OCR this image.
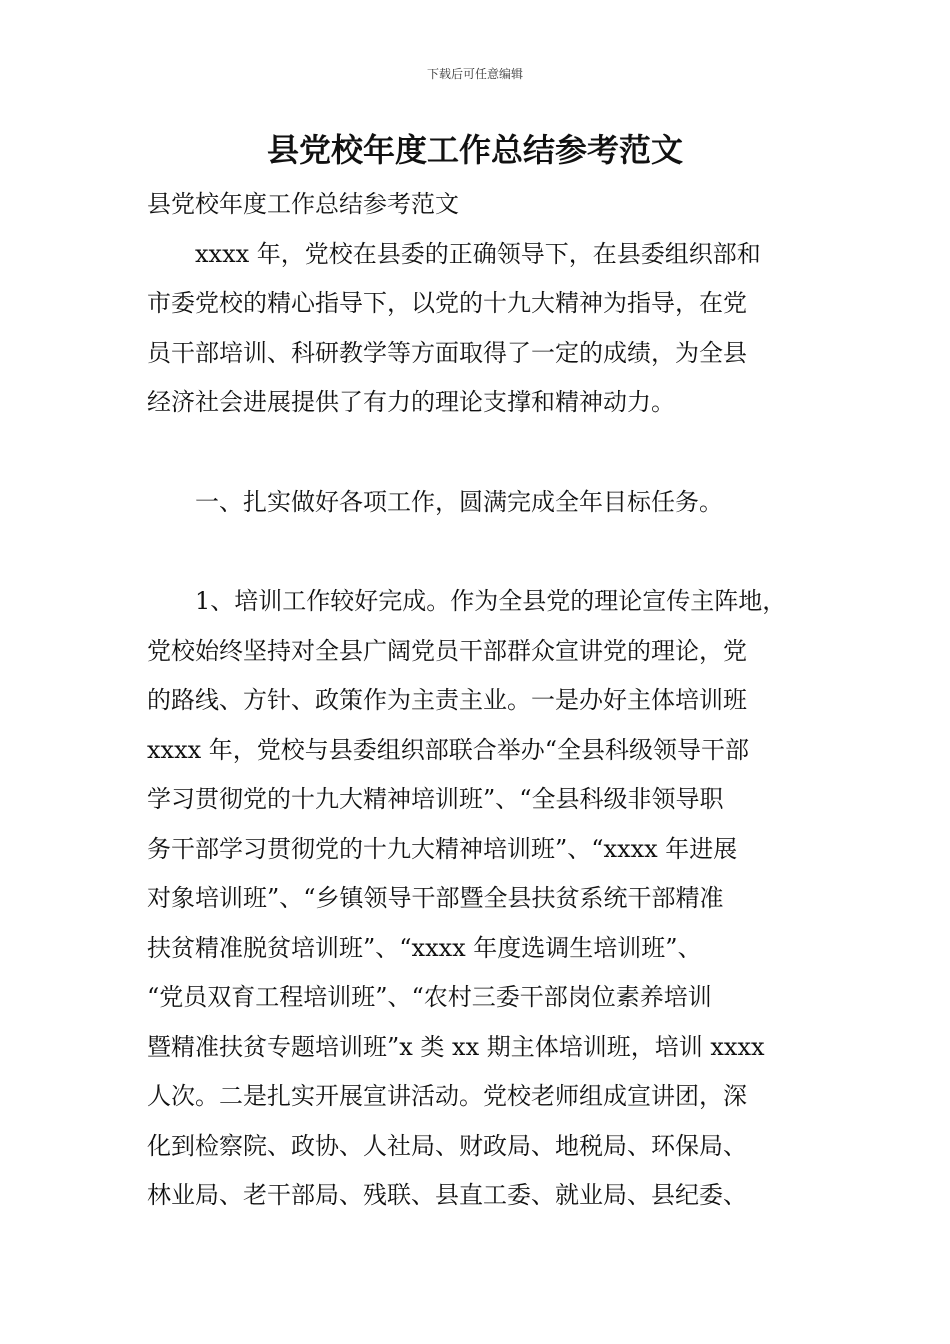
下载后可任意编辑
县党校年度工作总结参考范文
县党校年度工作总结参考范文
xxxx 年，党校在县委的正确领导下，在县委组织部和
市委党校的精心指导下，以党的十九大精神为指导，在党
员干部培训、科研教学等方面取得了一定的成绩，为全县
经济社会进展提供了有力的理论支撑和精神动力。
一、扎实做好各项工作，圆满完成全年目标任务。
1、培训工作较好完成。作为全县党的理论宣传主阵地，
党校始终坚持对全县广阔党员干部群众宣讲党的理论，党
的路线、方针、政策作为主责主业。一是办好主体培训班
xxxx 年，党校与县委组织部联合举办“全县科级领导干部
学习贯彻党的十九大精神培训班”、“全县科级非领导职
务干部学习贯彻党的十九大精神培训班”、“xxxx 年进展
对象培训班”、“乡镇领导干部暨全县扶贫系统干部精准
扶贫精准脱贫培训班”、“xxxx 年度选调生培训班”、
“党员双育工程培训班”、“农村三委干部岗位素养培训
暨精准扶贫专题培训班”x 类 xx 期主体培训班，培训 xxxx
人次。二是扎实开展宣讲活动。党校老师组成宣讲团，深
化到检察院、政协、人社局、财政局、地税局、环保局、
林业局、老干部局、残联、县直工委、就业局、县纪委、
